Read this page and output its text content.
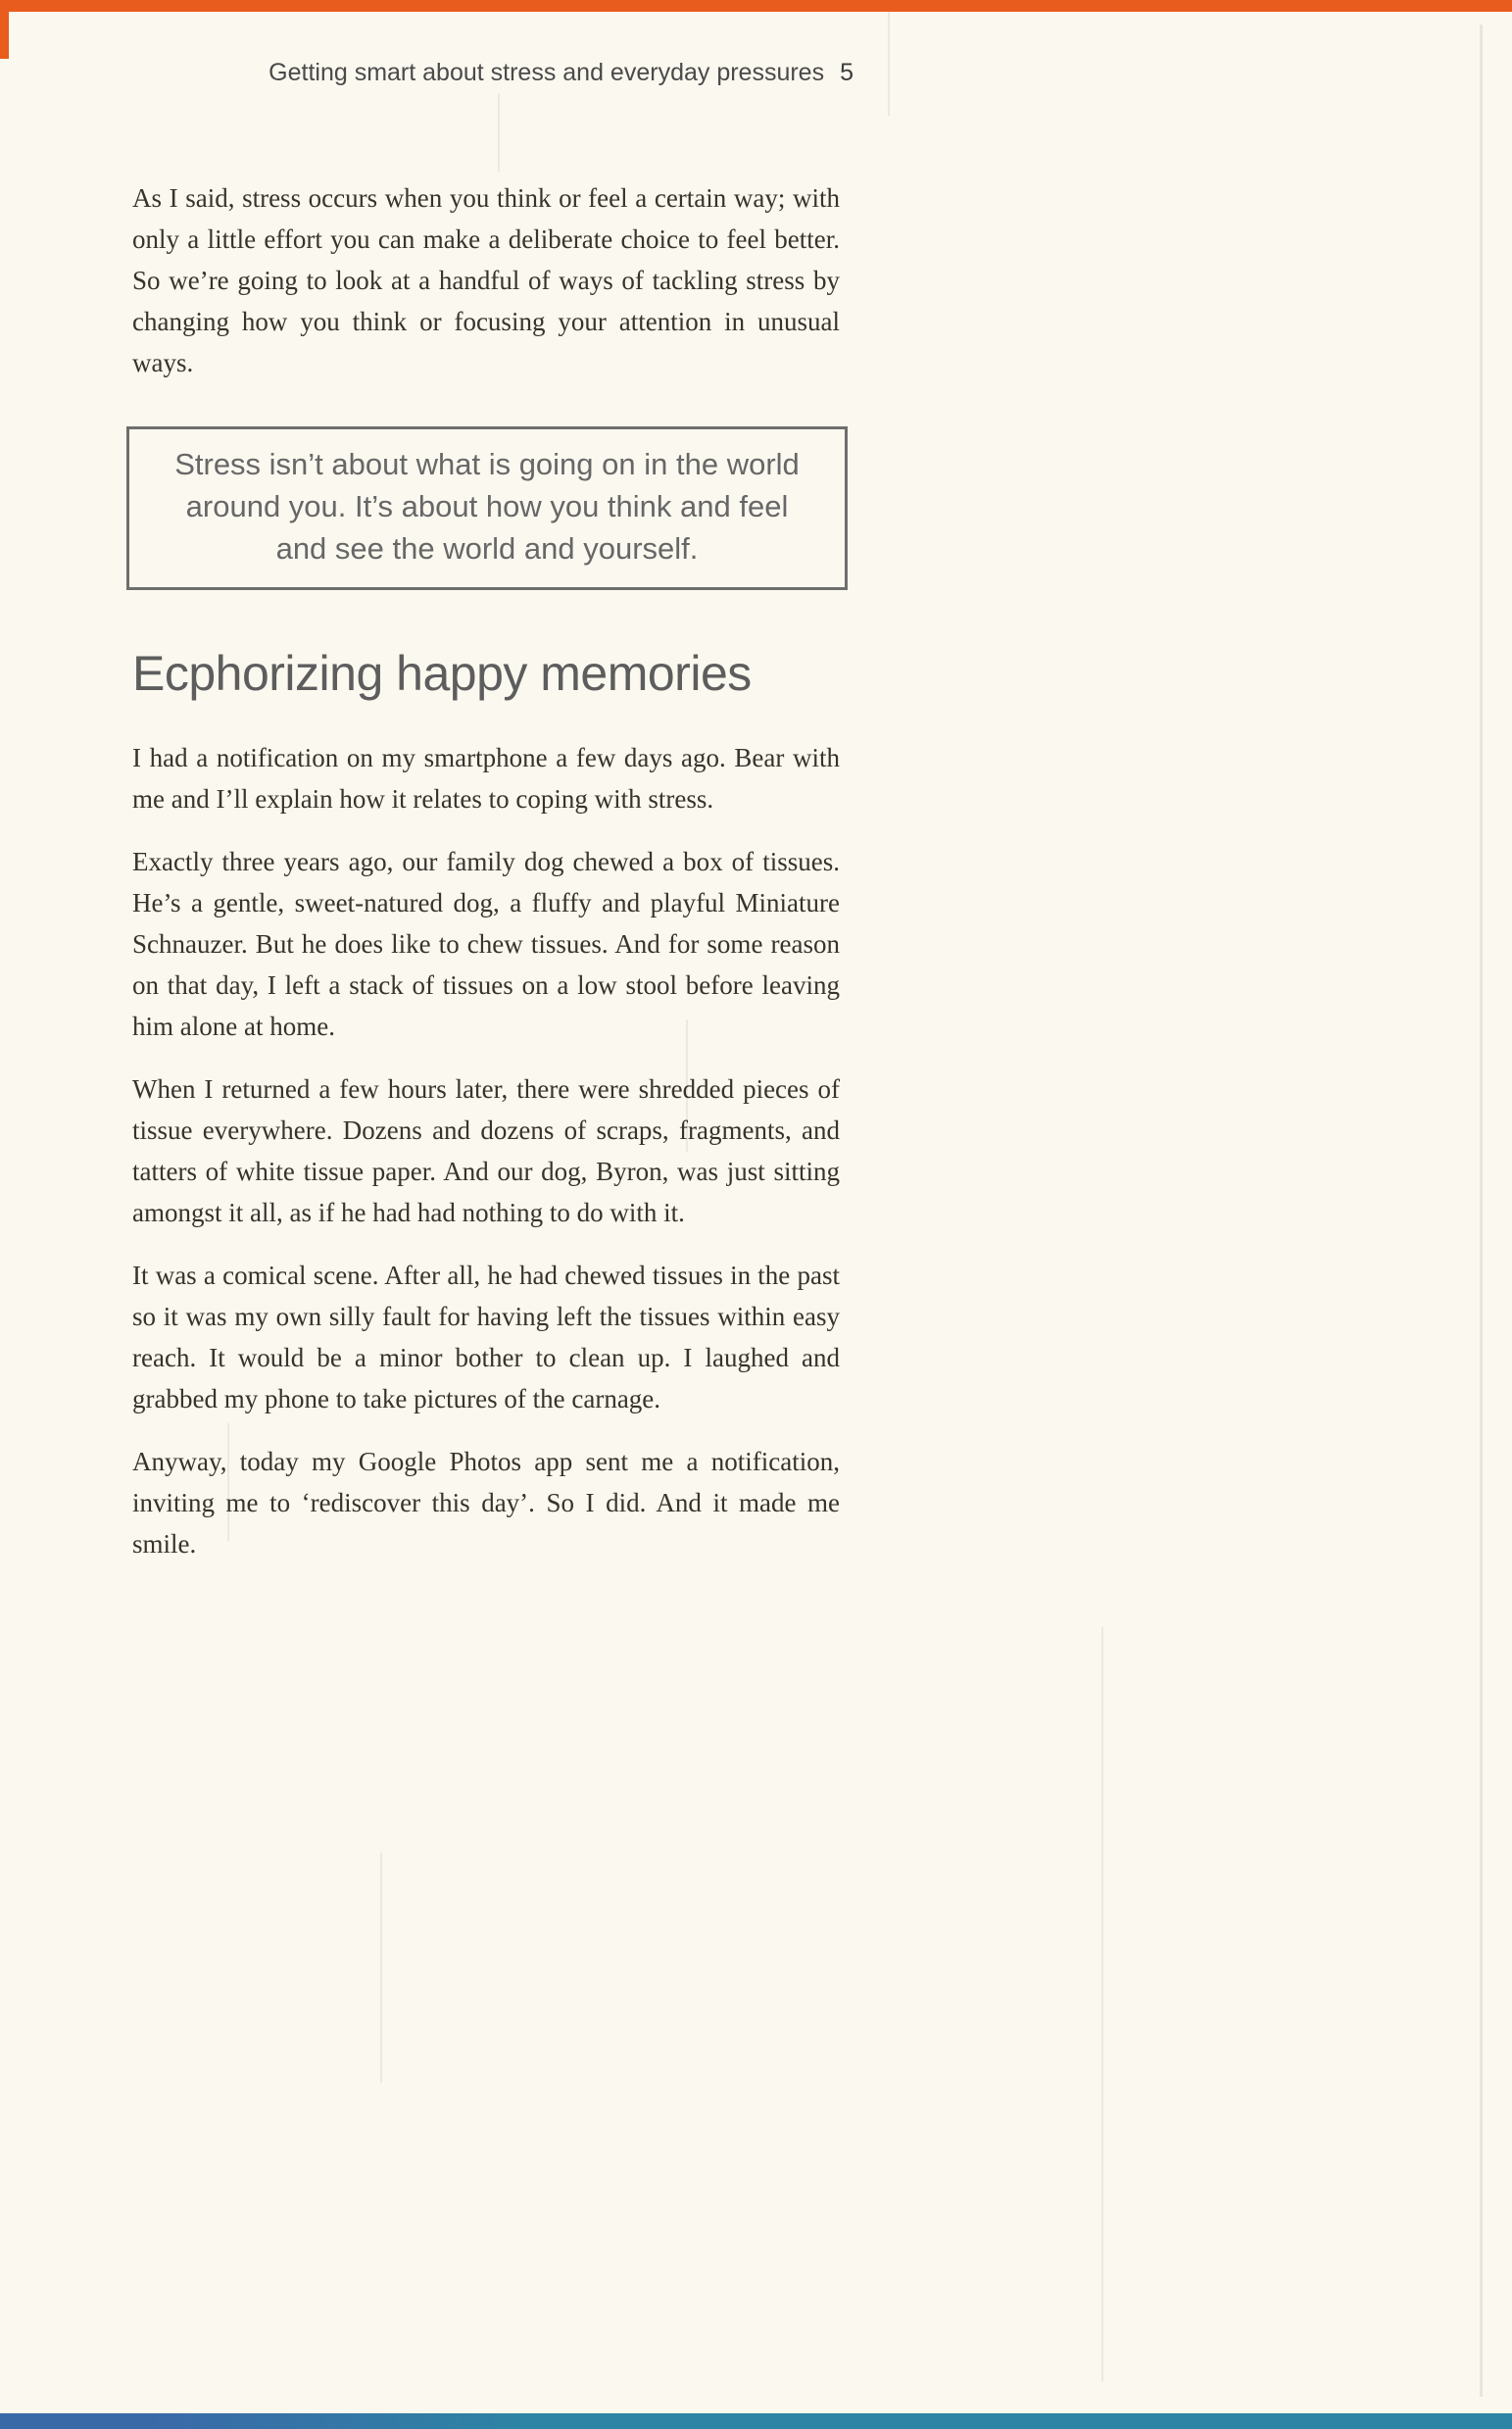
Getting smart about stress and everyday pressures 5

As I said, stress occurs when you think or feel a certain way; with only a little effort you can make a deliberate choice to feel better. So we’re going to look at a handful of ways of tackling stress by changing how you think or focusing your attention in unusual ways.

Stress isn’t about what is going on in the world around you. It’s about how you think and feel and see the world and yourself.

Ecphorizing happy memories

I had a notification on my smartphone a few days ago. Bear with me and I’ll explain how it relates to coping with stress.

Exactly three years ago, our family dog chewed a box of tissues. He’s a gentle, sweet-natured dog, a fluffy and playful Miniature Schnauzer. But he does like to chew tissues. And for some reason on that day, I left a stack of tissues on a low stool before leaving him alone at home.

When I returned a few hours later, there were shredded pieces of tissue everywhere. Dozens and dozens of scraps, fragments, and tatters of white tissue paper. And our dog, Byron, was just sitting amongst it all, as if he had had nothing to do with it.

It was a comical scene. After all, he had chewed tissues in the past so it was my own silly fault for having left the tissues within easy reach. It would be a minor bother to clean up. I laughed and grabbed my phone to take pictures of the carnage.

Anyway, today my Google Photos app sent me a notification, inviting me to ‘rediscover this day’. So I did. And it made me smile.
